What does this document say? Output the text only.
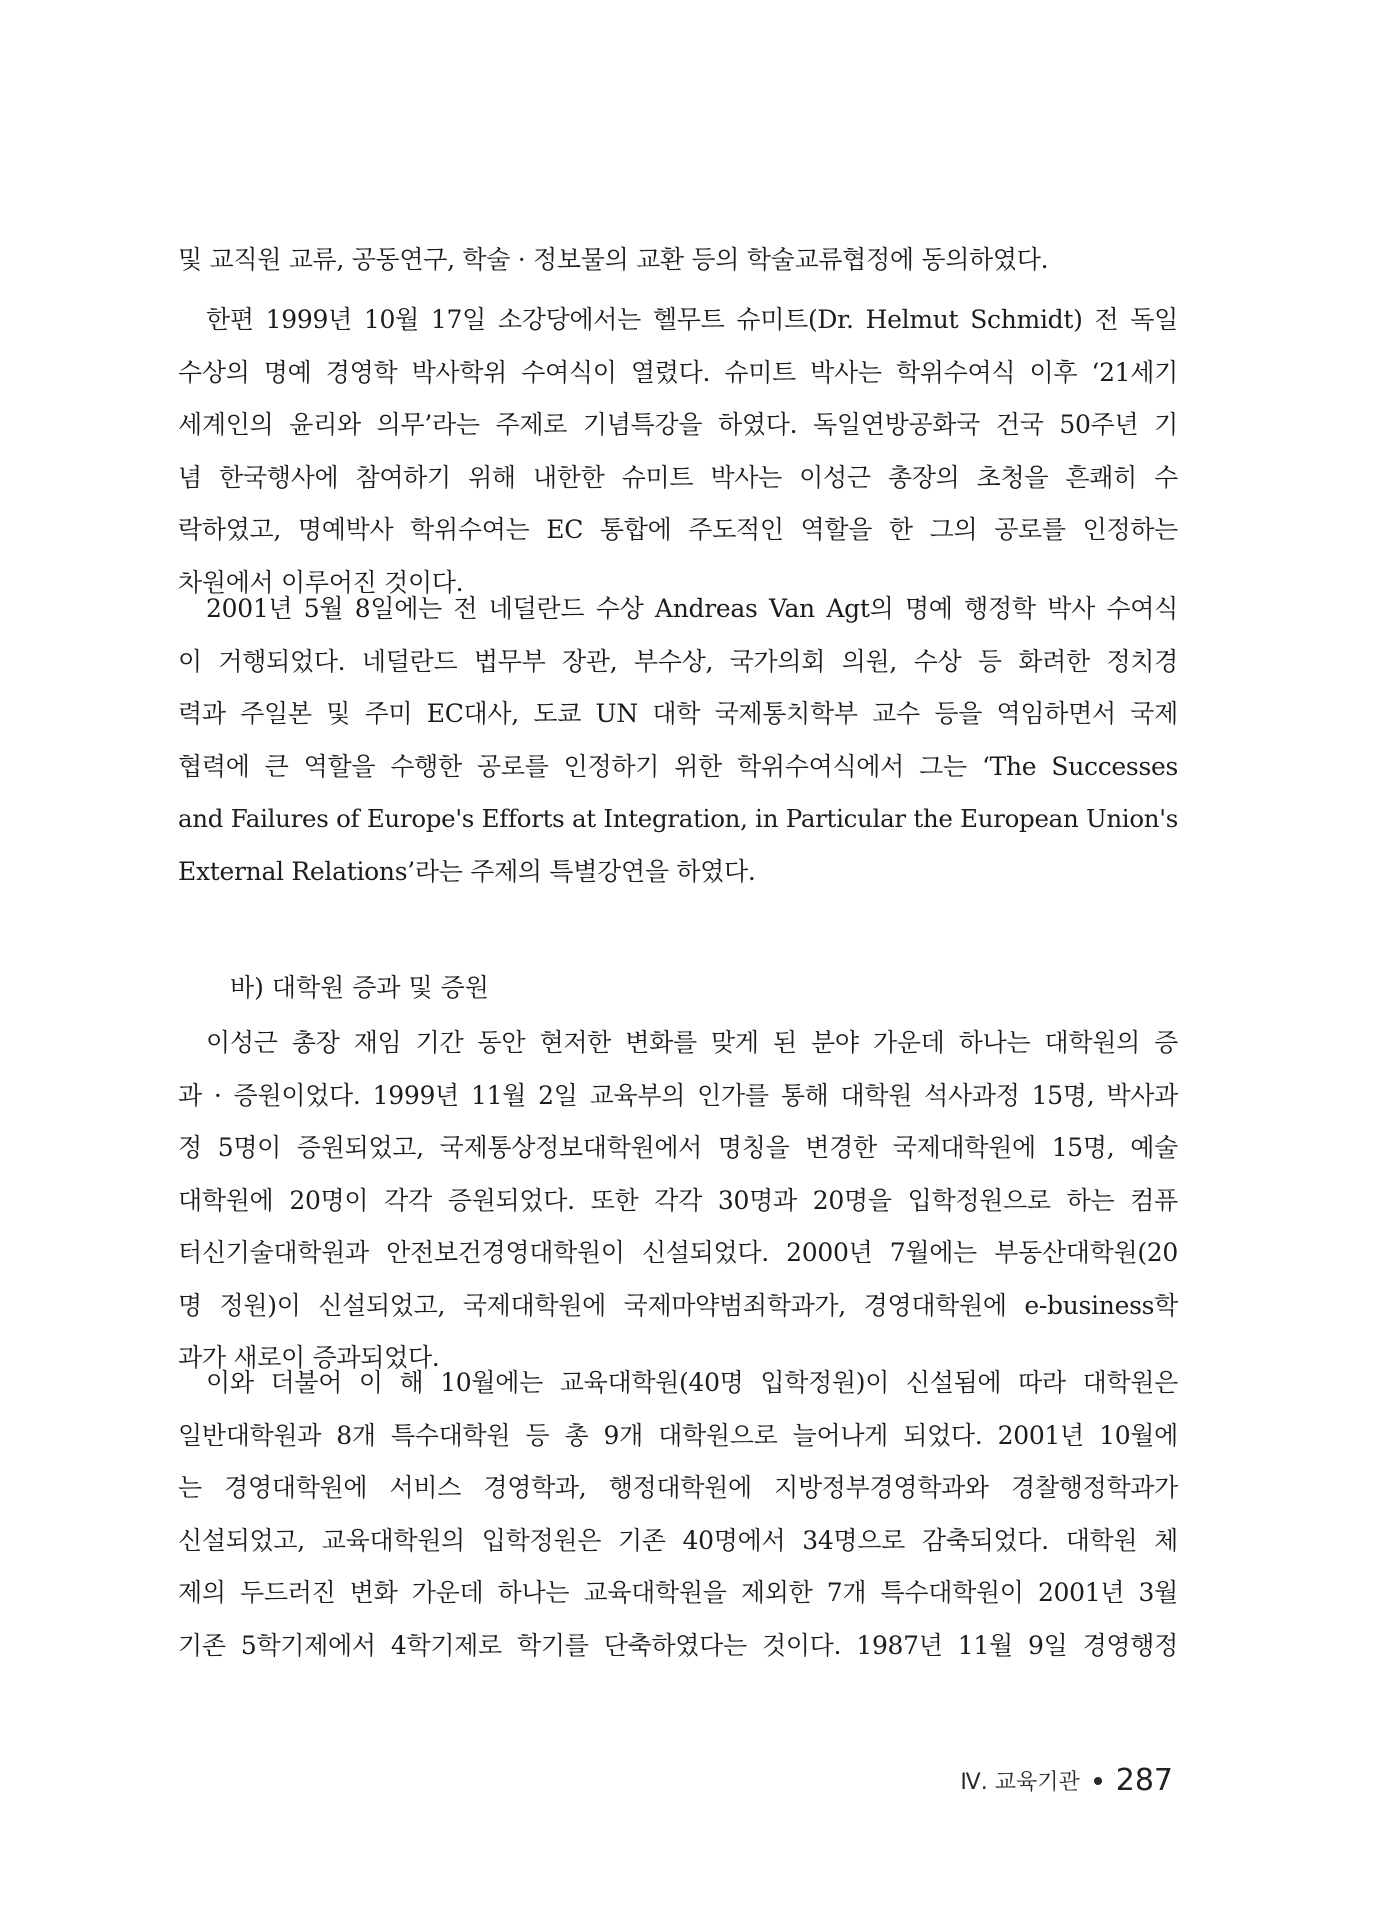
및 교직원 교류, 공동연구, 학술 · 정보물의 교환 등의 학술교류협정에 동의하였다.
한편 1999년 10월 17일 소강당에서는 헬무트 슈미트(Dr. Helmut Schmidt) 전 독일
수상의 명예 경영학 박사학위 수여식이 열렸다. 슈미트 박사는 학위수여식 이후 ‘21세기
세계인의 윤리와 의무’라는 주제로 기념특강을 하였다. 독일연방공화국 건국 50주년 기
념 한국행사에 참여하기 위해 내한한 슈미트 박사는 이성근 총장의 초청을 흔쾌히 수
락하였고, 명예박사 학위수여는 EC 통합에 주도적인 역할을 한 그의 공로를 인정하는
차원에서 이루어진 것이다.
2001년 5월 8일에는 전 네덜란드 수상 Andreas Van Agt의 명예 행정학 박사 수여식
이 거행되었다. 네덜란드 법무부 장관, 부수상, 국가의회 의원, 수상 등 화려한 정치경
력과 주일본 및 주미 EC대사, 도쿄 UN 대학 국제통치학부 교수 등을 역임하면서 국제
협력에 큰 역할을 수행한 공로를 인정하기 위한 학위수여식에서 그는 ‘The Successes
and Failures of Europe's Efforts at Integration, in Particular the European Union's
External Relations’라는 주제의 특별강연을 하였다.
바) 대학원 증과 및 증원
이성근 총장 재임 기간 동안 현저한 변화를 맞게 된 분야 가운데 하나는 대학원의 증
과 · 증원이었다. 1999년 11월 2일 교육부의 인가를 통해 대학원 석사과정 15명, 박사과
정 5명이 증원되었고, 국제통상정보대학원에서 명칭을 변경한 국제대학원에 15명, 예술
대학원에 20명이 각각 증원되었다. 또한 각각 30명과 20명을 입학정원으로 하는 컴퓨
터신기술대학원과 안전보건경영대학원이 신설되었다. 2000년 7월에는 부동산대학원(20
명 정원)이 신설되었고, 국제대학원에 국제마약범죄학과가, 경영대학원에 e-business학
과가 새로이 증과되었다.
이와 더불어 이 해 10월에는 교육대학원(40명 입학정원)이 신설됨에 따라 대학원은
일반대학원과 8개 특수대학원 등 총 9개 대학원으로 늘어나게 되었다. 2001년 10월에
는 경영대학원에 서비스 경영학과, 행정대학원에 지방정부경영학과와 경찰행정학과가
신설되었고, 교육대학원의 입학정원은 기존 40명에서 34명으로 감축되었다. 대학원 체
제의 두드러진 변화 가운데 하나는 교육대학원을 제외한 7개 특수대학원이 2001년 3월
기존 5학기제에서 4학기제로 학기를 단축하였다는 것이다. 1987년 11월 9일 경영행정
Ⅳ. 교육기관 287
